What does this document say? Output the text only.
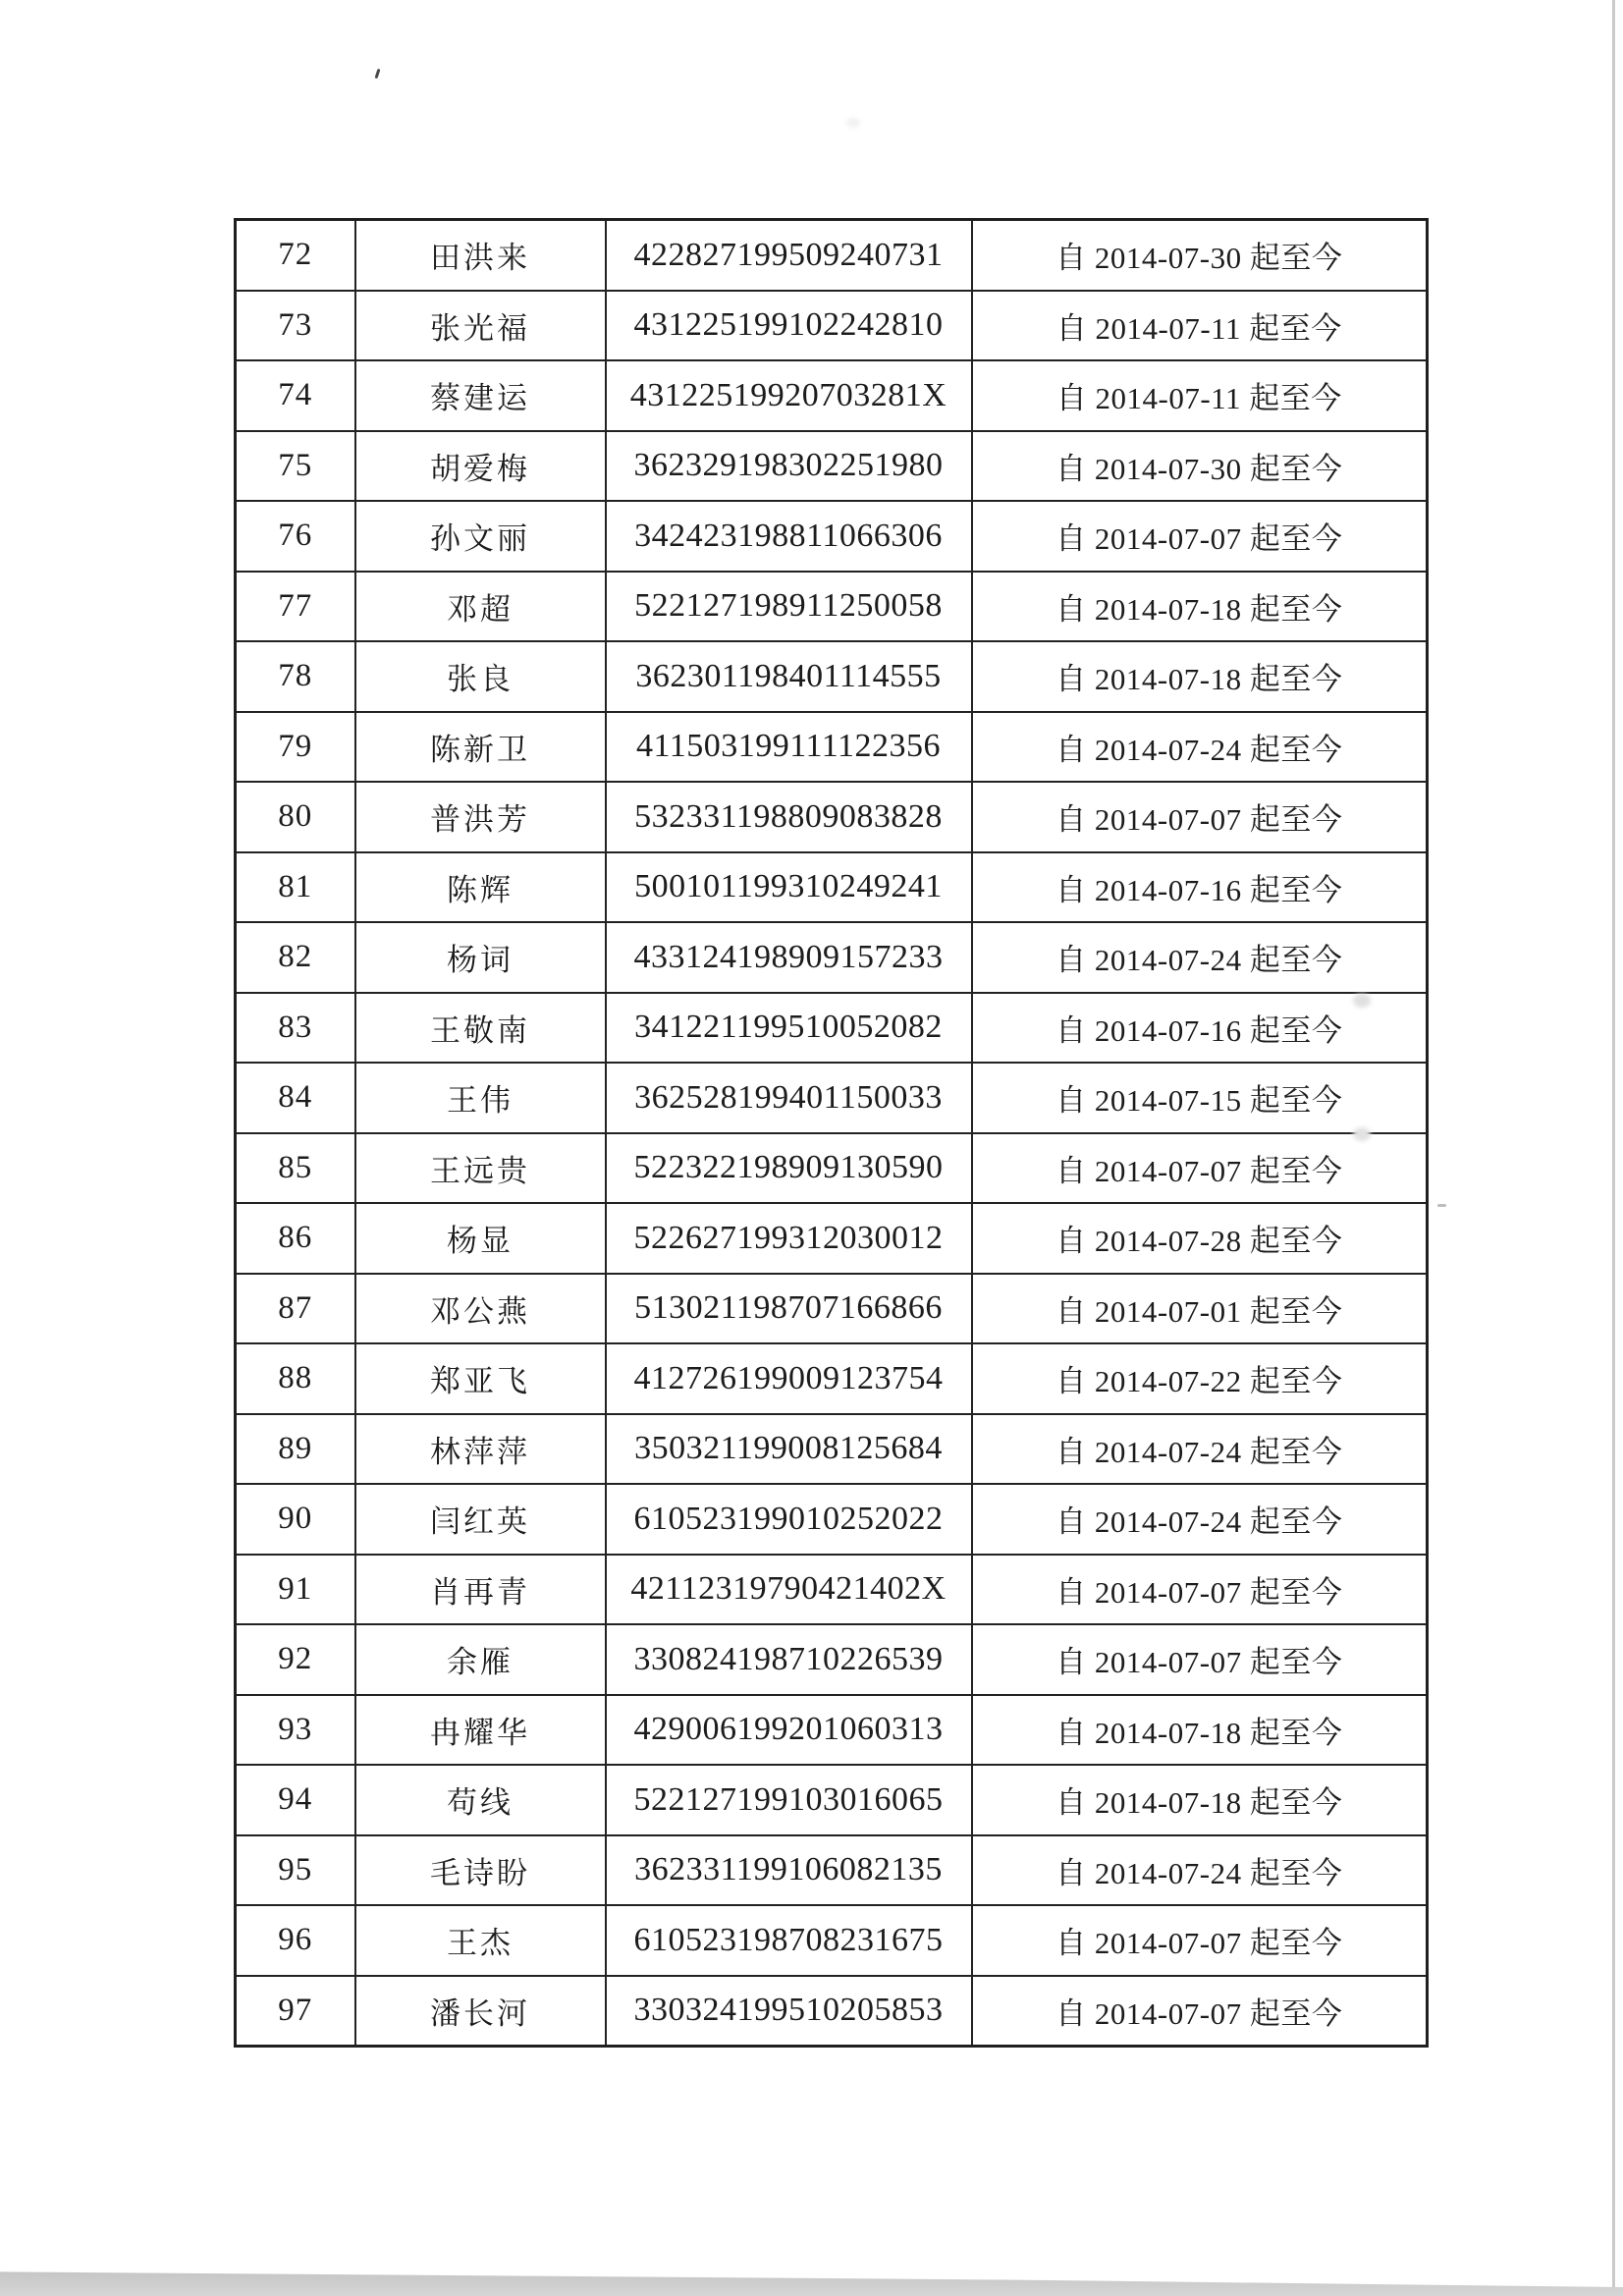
72	田洪来	422827199509240731	自 2014-07-30 起至今
73	张光福	431225199102242810	自 2014-07-11 起至今
74	蔡建运	43122519920703281X	自 2014-07-11 起至今
75	胡爱梅	362329198302251980	自 2014-07-30 起至今
76	孙文丽	342423198811066306	自 2014-07-07 起至今
77	邓超	522127198911250058	自 2014-07-18 起至今
78	张良	362301198401114555	自 2014-07-18 起至今
79	陈新卫	411503199111122356	自 2014-07-24 起至今
80	普洪芳	532331198809083828	自 2014-07-07 起至今
81	陈辉	500101199310249241	自 2014-07-16 起至今
82	杨词	433124198909157233	自 2014-07-24 起至今
83	王敬南	341221199510052082	自 2014-07-16 起至今
84	王伟	362528199401150033	自 2014-07-15 起至今
85	王远贵	522322198909130590	自 2014-07-07 起至今
86	杨显	522627199312030012	自 2014-07-28 起至今
87	邓公燕	513021198707166866	自 2014-07-01 起至今
88	郑亚飞	412726199009123754	自 2014-07-22 起至今
89	林萍萍	350321199008125684	自 2014-07-24 起至今
90	闫红英	610523199010252022	自 2014-07-24 起至今
91	肖再青	42112319790421402X	自 2014-07-07 起至今
92	余雁	330824198710226539	自 2014-07-07 起至今
93	冉耀华	429006199201060313	自 2014-07-18 起至今
94	苟线	522127199103016065	自 2014-07-18 起至今
95	毛诗盼	362331199106082135	自 2014-07-24 起至今
96	王杰	610523198708231675	自 2014-07-07 起至今
97	潘长河	330324199510205853	自 2014-07-07 起至今
